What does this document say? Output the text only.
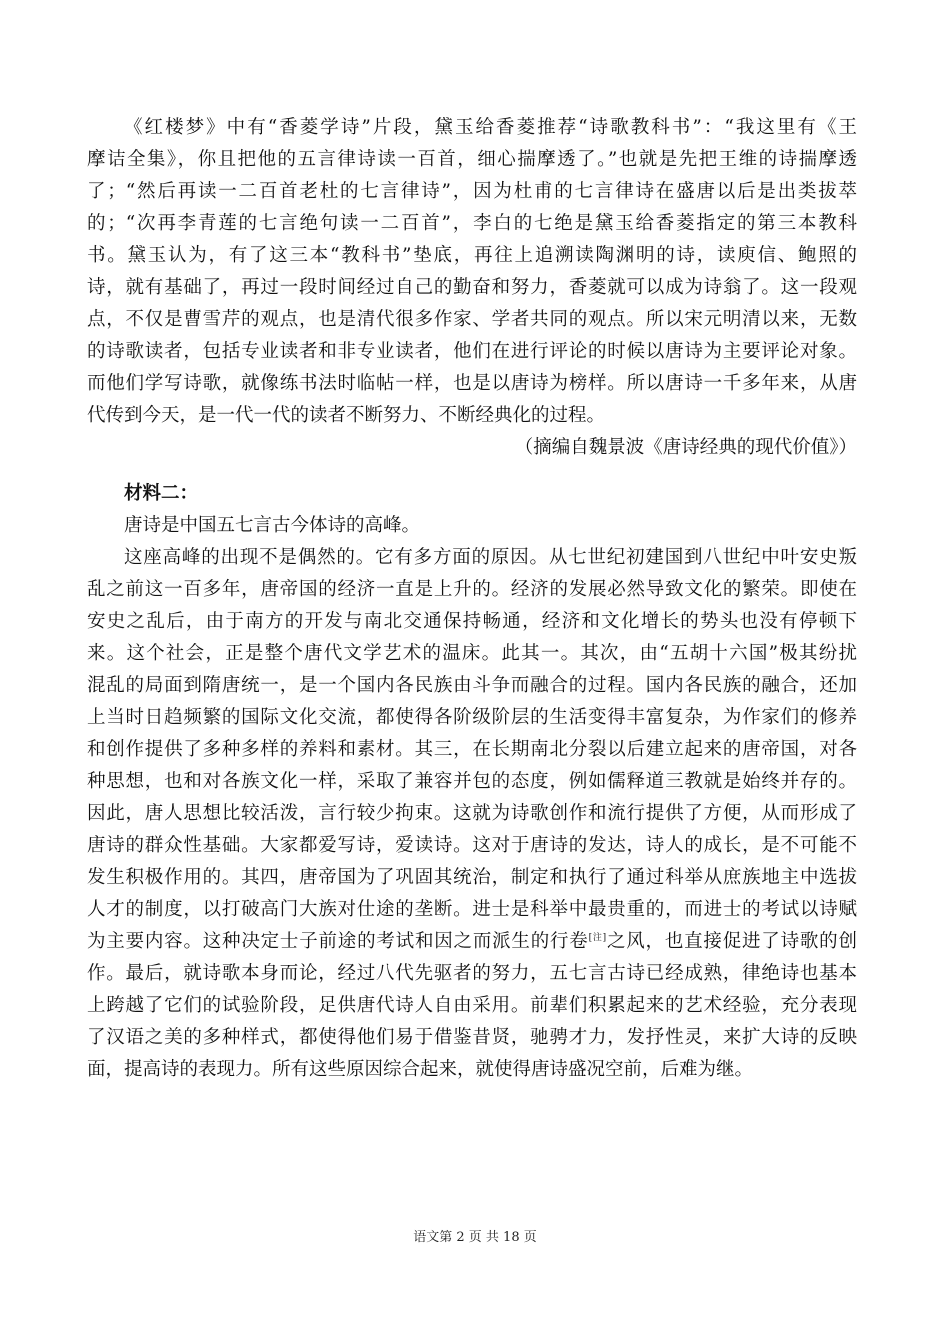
《红楼梦》中有“香菱学诗”片段，黛玉给香菱推荐“诗歌教科书”：“我这里有《王
摩诘全集》，你且把他的五言律诗读一百首，细心揣摩透了。”也就是先把王维的诗揣摩透
了；“然后再读一二百首老杜的七言律诗”，因为杜甫的七言律诗在盛唐以后是出类拔萃
的；“次再李青莲的七言绝句读一二百首”，李白的七绝是黛玉给香菱指定的第三本教科
书。黛玉认为，有了这三本“教科书”垫底，再往上追溯读陶渊明的诗，读庾信、鲍照的
诗，就有基础了，再过一段时间经过自己的勤奋和努力，香菱就可以成为诗翁了。这一段观
点，不仅是曹雪芹的观点，也是清代很多作家、学者共同的观点。所以宋元明清以来，无数
的诗歌读者，包括专业读者和非专业读者，他们在进行评论的时候以唐诗为主要评论对象。
而他们学写诗歌，就像练书法时临帖一样，也是以唐诗为榜样。所以唐诗一千多年来，从唐
代传到今天，是一代一代的读者不断努力、不断经典化的过程。
（摘编自魏景波《唐诗经典的现代价值》）
材料二：
唐诗是中国五七言古今体诗的高峰。
这座高峰的出现不是偶然的。它有多方面的原因。从七世纪初建国到八世纪中叶安史叛
乱之前这一百多年，唐帝国的经济一直是上升的。经济的发展必然导致文化的繁荣。即使在
安史之乱后，由于南方的开发与南北交通保持畅通，经济和文化增长的势头也没有停顿下
来。这个社会，正是整个唐代文学艺术的温床。此其一。其次，由“五胡十六国”极其纷扰
混乱的局面到隋唐统一，是一个国内各民族由斗争而融合的过程。国内各民族的融合，还加
上当时日趋频繁的国际文化交流，都使得各阶级阶层的生活变得丰富复杂，为作家们的修养
和创作提供了多种多样的养料和素材。其三，在长期南北分裂以后建立起来的唐帝国，对各
种思想，也和对各族文化一样，采取了兼容并包的态度，例如儒释道三教就是始终并存的。
因此，唐人思想比较活泼，言行较少拘束。这就为诗歌创作和流行提供了方便，从而形成了
唐诗的群众性基础。大家都爱写诗，爱读诗。这对于唐诗的发达，诗人的成长，是不可能不
发生积极作用的。其四，唐帝国为了巩固其统治，制定和执行了通过科举从庶族地主中选拔
人才的制度，以打破高门大族对仕途的垄断。进士是科举中最贵重的，而进士的考试以诗赋
为主要内容。这种决定士子前途的考试和因之而派生的行卷[注]之风，也直接促进了诗歌的创
作。最后，就诗歌本身而论，经过八代先驱者的努力，五七言古诗已经成熟，律绝诗也基本
上跨越了它们的试验阶段，足供唐代诗人自由采用。前辈们积累起来的艺术经验，充分表现
了汉语之美的多种样式，都使得他们易于借鉴昔贤，驰骋才力，发抒性灵，来扩大诗的反映
面，提高诗的表现力。所有这些原因综合起来，就使得唐诗盛况空前，后难为继。
语文第 2 页 共 18 页
